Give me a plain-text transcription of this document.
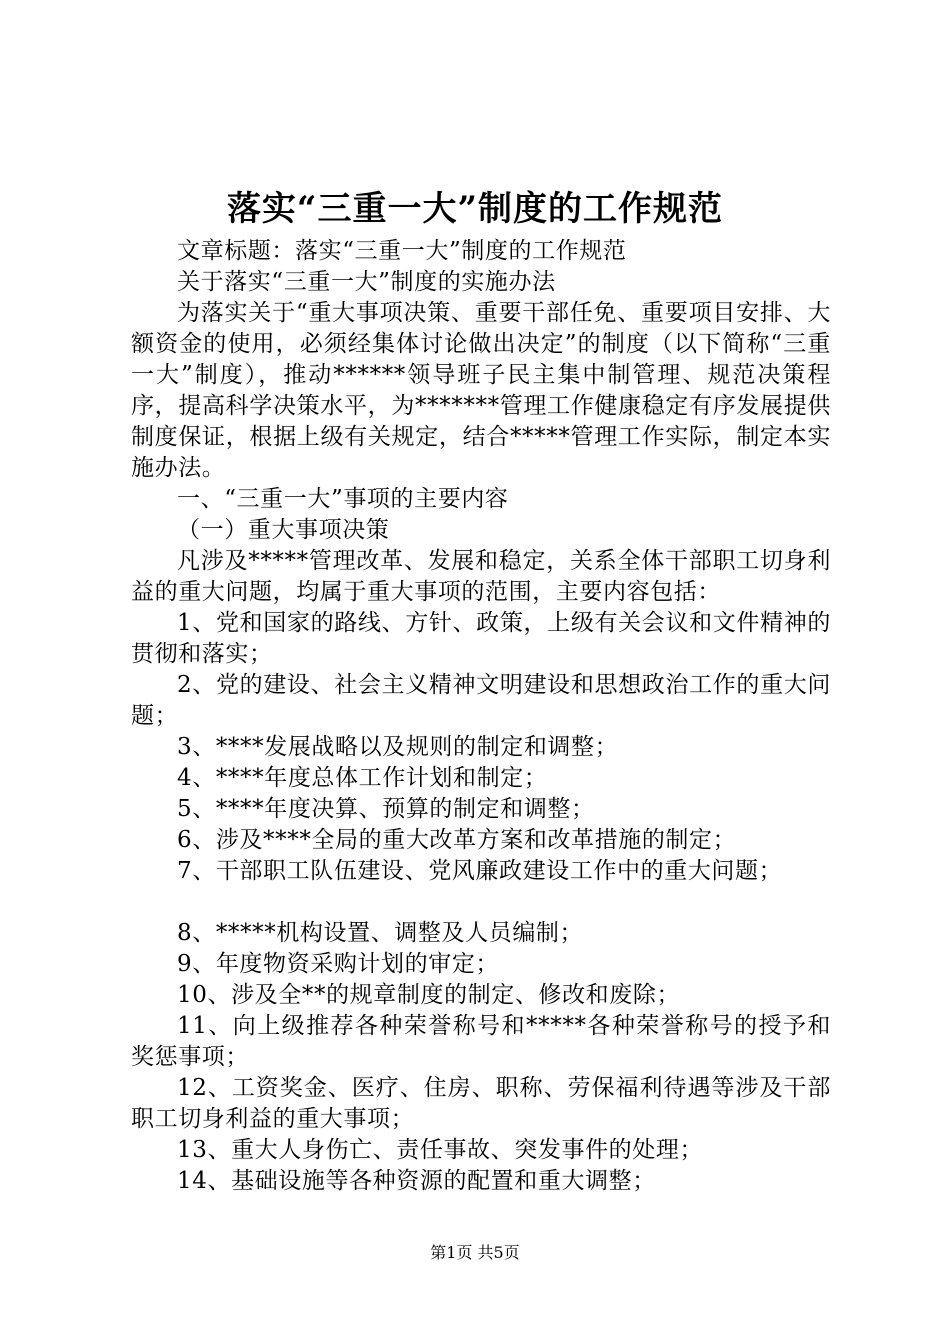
落实“三重一大”制度的工作规范

文章标题：落实“三重一大”制度的工作规范

关于落实“三重一大”制度的实施办法

为落实关于“重大事项决策、重要干部任免、重要项目安排、大额资金的使用，必须经集体讨论做出决定”的制度（以下简称“三重一大”制度），推动******领导班子民主集中制管理、规范决策程序，提高科学决策水平，为*******管理工作健康稳定有序发展提供制度保证，根据上级有关规定，结合*****管理工作实际，制定本实施办法。

一、“三重一大”事项的主要内容

（一）重大事项决策

凡涉及*****管理改革、发展和稳定，关系全体干部职工切身利益的重大问题，均属于重大事项的范围，主要内容包括：

1、党和国家的路线、方针、政策，上级有关会议和文件精神的贯彻和落实；

2、党的建设、社会主义精神文明建设和思想政治工作的重大问题；

3、****发展战略以及规则的制定和调整；

4、****年度总体工作计划和制定；

5、****年度决算、预算的制定和调整；

6、涉及****全局的重大改革方案和改革措施的制定；

7、干部职工队伍建设、党风廉政建设工作中的重大问题；

8、*****机构设置、调整及人员编制；

9、年度物资采购计划的审定；

10、涉及全**的规章制度的制定、修改和废除；

11、向上级推荐各种荣誉称号和*****各种荣誉称号的授予和奖惩事项；

12、工资奖金、医疗、住房、职称、劳保福利待遇等涉及干部职工切身利益的重大事项；

13、重大人身伤亡、责任事故、突发事件的处理；

14、基础设施等各种资源的配置和重大调整；

第1页 共5页
